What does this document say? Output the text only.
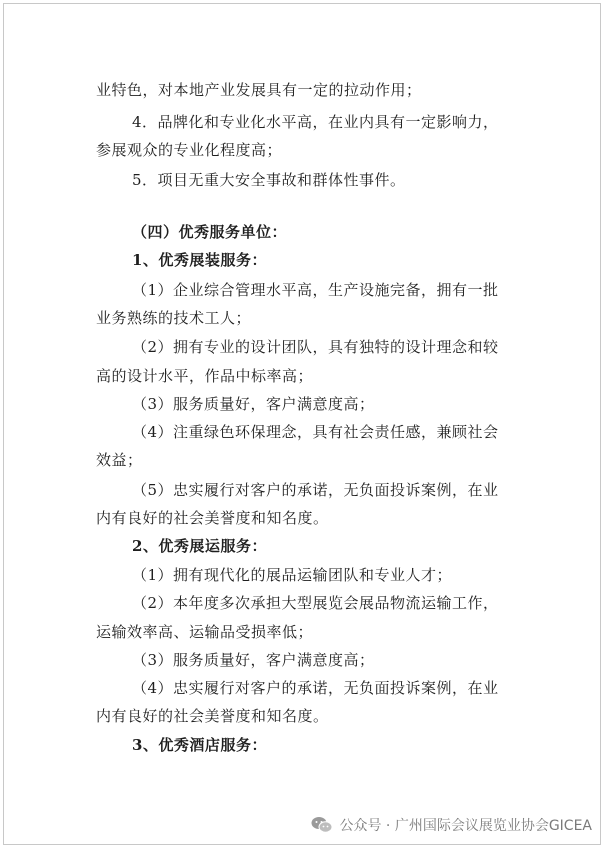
业特色，对本地产业发展具有一定的拉动作用；
4．品牌化和专业化水平高，在业内具有一定影响力，
参展观众的专业化程度高；
5．项目无重大安全事故和群体性事件。
（四）优秀服务单位：
1、优秀展装服务：
（1）企业综合管理水平高，生产设施完备，拥有一批
业务熟练的技术工人；
（2）拥有专业的设计团队，具有独特的设计理念和较
高的设计水平，作品中标率高；
（3）服务质量好，客户满意度高；
（4）注重绿色环保理念，具有社会责任感，兼顾社会
效益；
（5）忠实履行对客户的承诺，无负面投诉案例，在业
内有良好的社会美誉度和知名度。
2、优秀展运服务：
（1）拥有现代化的展品运输团队和专业人才；
（2）本年度多次承担大型展览会展品物流运输工作，
运输效率高、运输品受损率低；
（3）服务质量好，客户满意度高；
（4）忠实履行对客户的承诺，无负面投诉案例，在业
内有良好的社会美誉度和知名度。
3、优秀酒店服务：
公众号 · 广州国际会议展览业协会GICEA
